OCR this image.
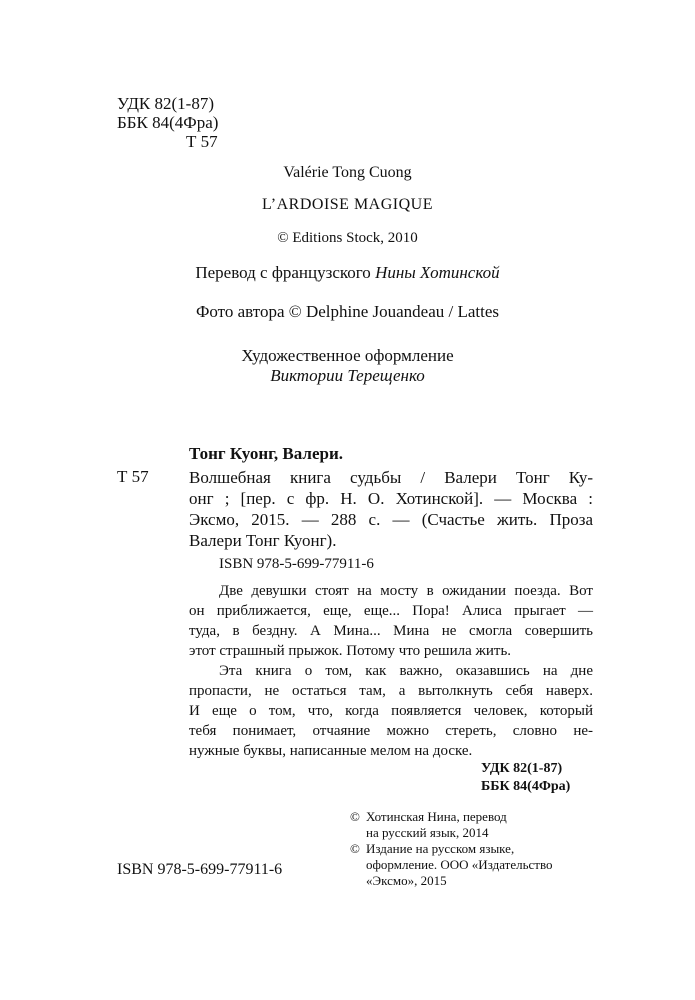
УДК 82(1-87)
ББК 84(4Фра)
Т 57
Valérie Tong Cuong
L’ARDOISE MAGIQUE
© Editions Stock, 2010
Перевод с французского Нины Хотинской
Фото автора © Delphine Jouandeau / Lattes
Художественное оформление
Виктории Терещенко
Тонг Куонг, Валери.
Т 57 Волшебная книга судьбы / Валери Тонг Ку-
онг ; [пер. с фр. Н. О. Хотинской]. — Москва :
Эксмо, 2015. — 288 с. — (Счастье жить. Проза
Валери Тонг Куонг).
ISBN 978-5-699-77911-6
Две девушки стоят на мосту в ожидании поезда. Вот
он приближается, еще, еще... Пора! Алиса прыгает —
туда, в бездну. А Мина... Мина не смогла совершить
этот страшный прыжок. Потому что решила жить.
Эта книга о том, как важно, оказавшись на дне
пропасти, не остаться там, а вытолкнуть себя наверх.
И еще о том, что, когда появляется человек, который
тебя понимает, отчаяние можно стереть, словно не-
нужные буквы, написанные мелом на доске.
УДК 82(1-87)
ББК 84(4Фра)
© Хотинская Нина, перевод
на русский язык, 2014
© Издание на русском языке,
оформление. ООО «Издательство
«Эксмо», 2015
ISBN 978-5-699-77911-6
